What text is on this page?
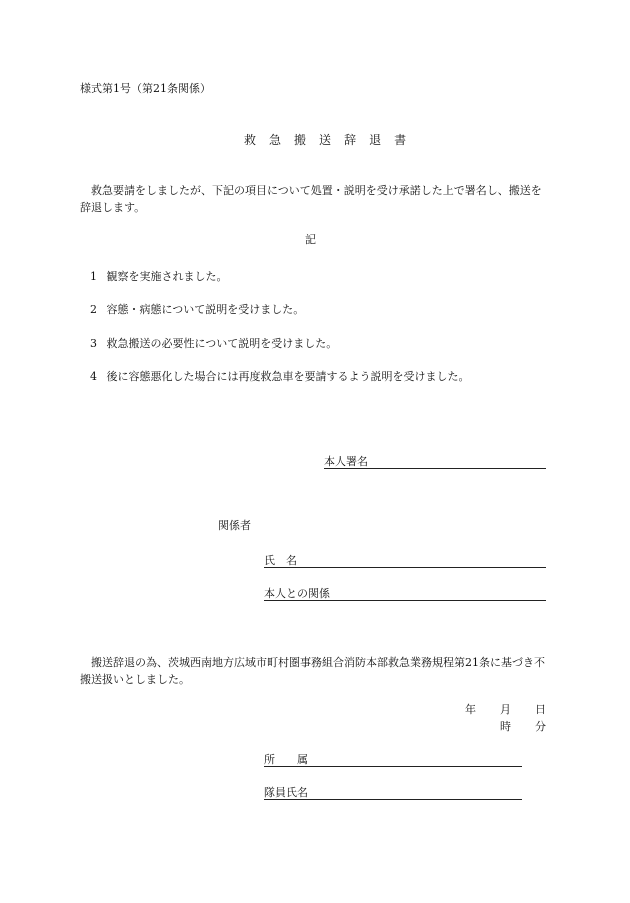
様式第1号（第21条関係）
救 急 搬 送 辞 退 書
　救急要請をしましたが、下記の項目について処置・説明を受け承諾した上で署名し、搬送を辞退します。
記
1 観察を実施されました。
2 容態・病態について説明を受けました。
3 救急搬送の必要性について説明を受けました。
4 後に容態悪化した場合には再度救急車を要請するよう説明を受けました。
本人署名
関係者
氏　名
本人との関係
　搬送辞退の為、茨城西南地方広域市町村圏事務組合消防本部救急業務規程第21条に基づき不搬送扱いとしました。
年 月 日
時 分
所　　属
隊員氏名
